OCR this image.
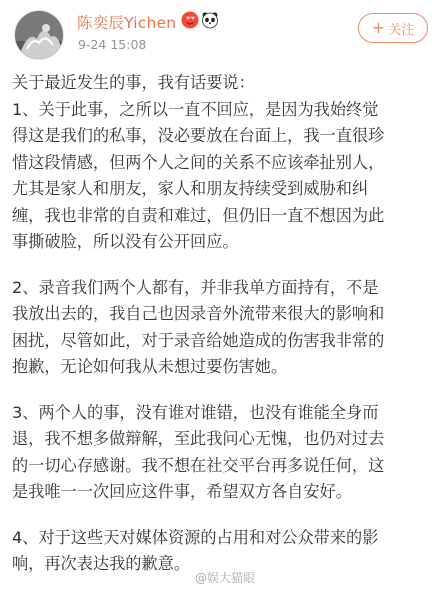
陈奕辰Yichen
9-24 15:08
+ 关注
关于最近发生的事，我有话要说：
1、关于此事，之所以一直不回应，是因为我始终觉
得这是我们的私事，没必要放在台面上，我一直很珍
惜这段情感，但两个人之间的关系不应该牵扯别人，
尤其是家人和朋友，家人和朋友持续受到威胁和纠
缠，我也非常的自责和难过，但仍旧一直不想因为此
事撕破脸，所以没有公开回应。
2、录音我们两个人都有，并非我单方面持有，不是
我放出去的，我自己也因录音外流带来很大的影响和
困扰，尽管如此，对于录音给她造成的伤害我非常的
抱歉，无论如何我从未想过要伤害她。
3、两个人的事，没有谁对谁错，也没有谁能全身而
退，我不想多做辩解，至此我问心无愧，也仍对过去
的一切心存感谢。我不想在社交平台再多说任何，这
是我唯一一次回应这件事，希望双方各自安好。
4、对于这些天对媒体资源的占用和对公众带来的影
响，再次表达我的歉意。
@娱大猫眼
